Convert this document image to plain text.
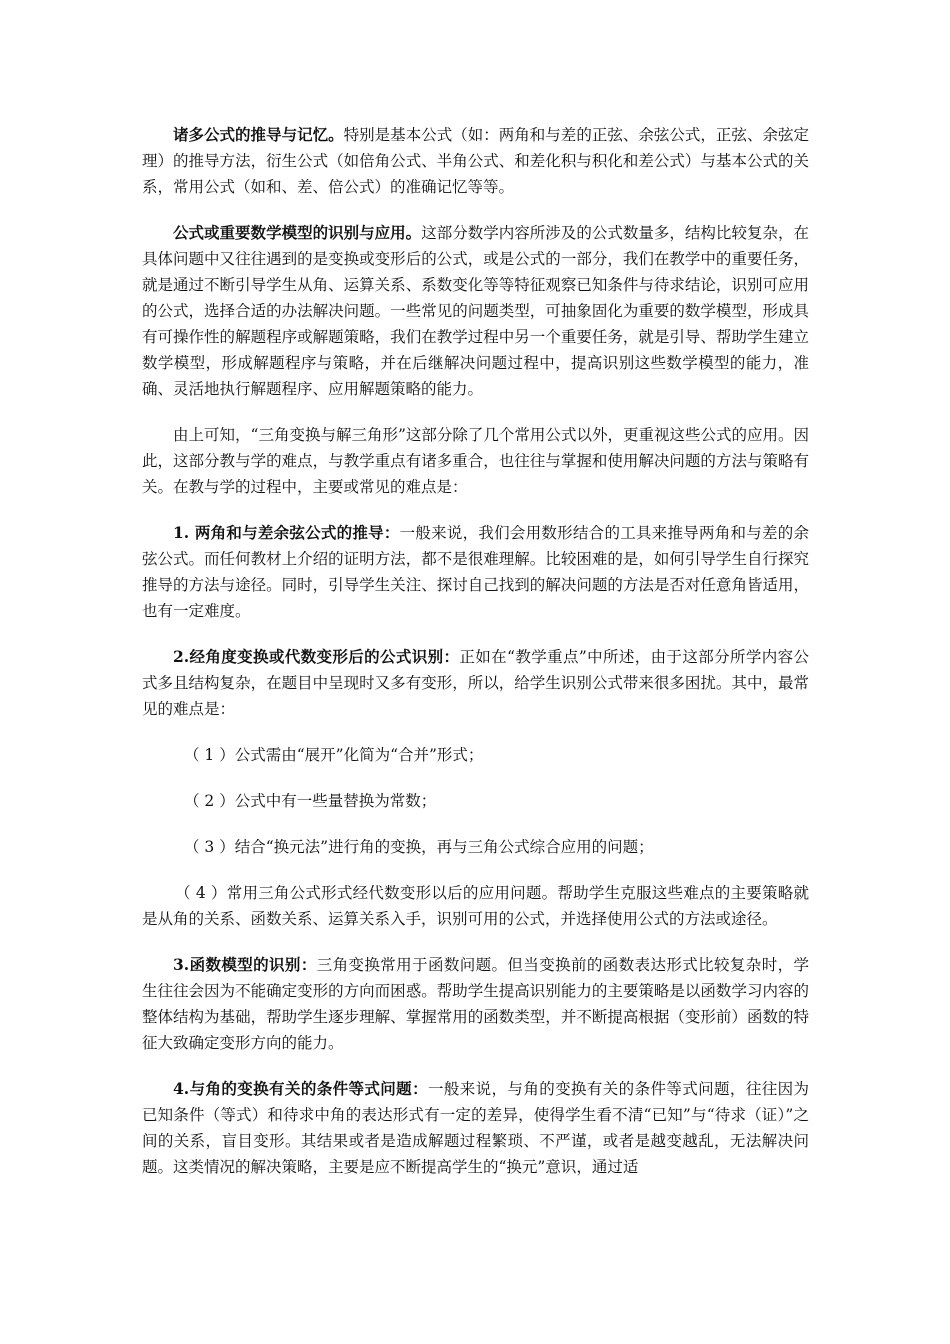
诸多公式的推导与记忆。特别是基本公式（如：两角和与差的正弦、余弦公式，正弦、余弦定理）的推导方法，衍生公式（如倍角公式、半角公式、和差化积与积化和差公式）与基本公式的关系，常用公式（如和、差、倍公式）的准确记忆等等。

公式或重要数学模型的识别与应用。这部分数学内容所涉及的公式数量多，结构比较复杂，在具体问题中又往往遇到的是变换或变形后的公式，或是公式的一部分，我们在教学中的重要任务，就是通过不断引导学生从角、运算关系、系数变化等等特征观察已知条件与待求结论，识别可应用的公式，选择合适的办法解决问题。一些常见的问题类型，可抽象固化为重要的数学模型，形成具有可操作性的解题程序或解题策略，我们在教学过程中另一个重要任务，就是引导、帮助学生建立数学模型，形成解题程序与策略，并在后继解决问题过程中，提高识别这些数学模型的能力，准确、灵活地执行解题程序、应用解题策略的能力。

由上可知，“三角变换与解三角形”这部分除了几个常用公式以外，更重视这些公式的应用。因此，这部分教与学的难点，与教学重点有诸多重合，也往往与掌握和使用解决问题的方法与策略有关。在教与学的过程中，主要或常见的难点是：

1. 两角和与差余弦公式的推导：一般来说，我们会用数形结合的工具来推导两角和与差的余弦公式。而任何教材上介绍的证明方法，都不是很难理解。比较困难的是，如何引导学生自行探究推导的方法与途径。同时，引导学生关注、探讨自己找到的解决问题的方法是否对任意角皆适用，也有一定难度。

2.经角度变换或代数变形后的公式识别：正如在“教学重点”中所述，由于这部分所学内容公式多且结构复杂，在题目中呈现时又多有变形，所以，给学生识别公式带来很多困扰。其中，最常见的难点是：

（ 1 ）公式需由“展开”化简为“合并”形式；

（ 2 ）公式中有一些量替换为常数；

（ 3 ）结合“换元法”进行角的变换，再与三角公式综合应用的问题；

（ 4 ）常用三角公式形式经代数变形以后的应用问题。帮助学生克服这些难点的主要策略就是从角的关系、函数关系、运算关系入手，识别可用的公式，并选择使用公式的方法或途径。

3.函数模型的识别：三角变换常用于函数问题。但当变换前的函数表达形式比较复杂时，学生往往会因为不能确定变形的方向而困惑。帮助学生提高识别能力的主要策略是以函数学习内容的整体结构为基础，帮助学生逐步理解、掌握常用的函数类型，并不断提高根据（变形前）函数的特征大致确定变形方向的能力。

4.与角的变换有关的条件等式问题：一般来说，与角的变换有关的条件等式问题，往往因为已知条件（等式）和待求中角的表达形式有一定的差异，使得学生看不清“已知”与“待求（证）”之间的关系，盲目变形。其结果或者是造成解题过程繁琐、不严谨，或者是越变越乱，无法解决问题。这类情况的解决策略，主要是应不断提高学生的“换元”意识，通过适
